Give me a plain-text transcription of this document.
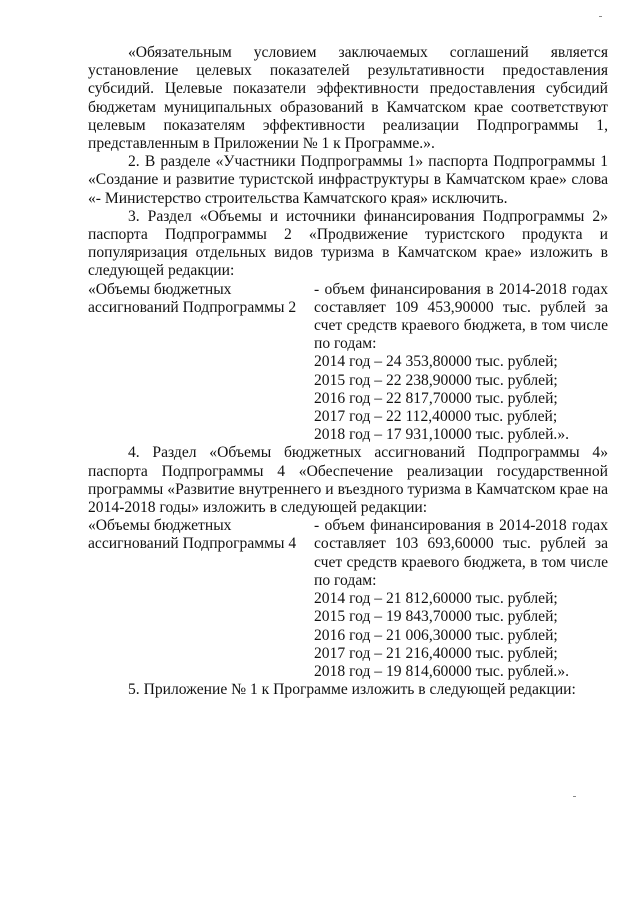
«Обязательным условием заключаемых соглашений является установление целевых показателей результативности предоставления субсидий. Целевые показатели эффективности предоставления субсидий бюджетам муниципальных образований в Камчатском крае соответствуют целевым показателям эффективности реализации Подпрограммы 1, представленным в Приложении № 1 к Программе.».

2. В разделе «Участники Подпрограммы 1» паспорта Подпрограммы 1 «Создание и развитие туристской инфраструктуры в Камчатском крае» слова «- Министерство строительства Камчатского края» исключить.

3. Раздел «Объемы и источники финансирования Подпрограммы 2» паспорта Подпрограммы 2 «Продвижение туристского продукта и популяризация отдельных видов туризма в Камчатском крае» изложить в следующей редакции:

«Объемы бюджетных ассигнований Подпрограммы 2
- объем финансирования в 2014-2018 годах составляет 109 453,90000 тыс. рублей за счет средств краевого бюджета, в том числе по годам:
2014 год – 24 353,80000 тыс. рублей;
2015 год – 22 238,90000 тыс. рублей;
2016 год – 22 817,70000 тыс. рублей;
2017 год – 22 112,40000 тыс. рублей;
2018 год – 17 931,10000 тыс. рублей.».

4. Раздел «Объемы бюджетных ассигнований Подпрограммы 4» паспорта Подпрограммы 4 «Обеспечение реализации государственной программы «Развитие внутреннего и въездного туризма в Камчатском крае на 2014-2018 годы» изложить в следующей редакции:

«Объемы бюджетных ассигнований Подпрограммы 4
- объем финансирования в 2014-2018 годах составляет 103 693,60000 тыс. рублей за счет средств краевого бюджета, в том числе по годам:
2014 год – 21 812,60000 тыс. рублей;
2015 год – 19 843,70000 тыс. рублей;
2016 год – 21 006,30000 тыс. рублей;
2017 год – 21 216,40000 тыс. рублей;
2018 год – 19 814,60000 тыс. рублей.».

5. Приложение № 1 к Программе изложить в следующей редакции:
